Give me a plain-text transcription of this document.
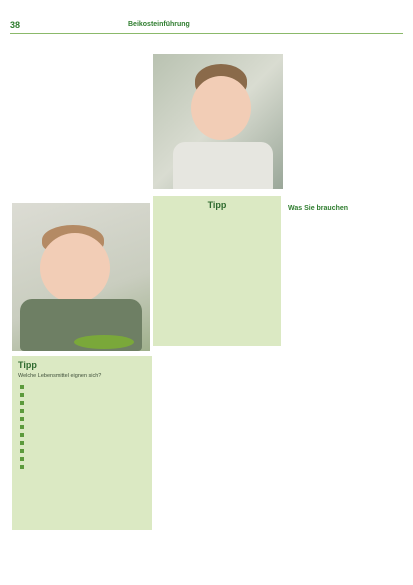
38	Beikosteinführung
Tipp	Was Sie brauchen
Tipp
Welche Lebensmittel eignen sich?
